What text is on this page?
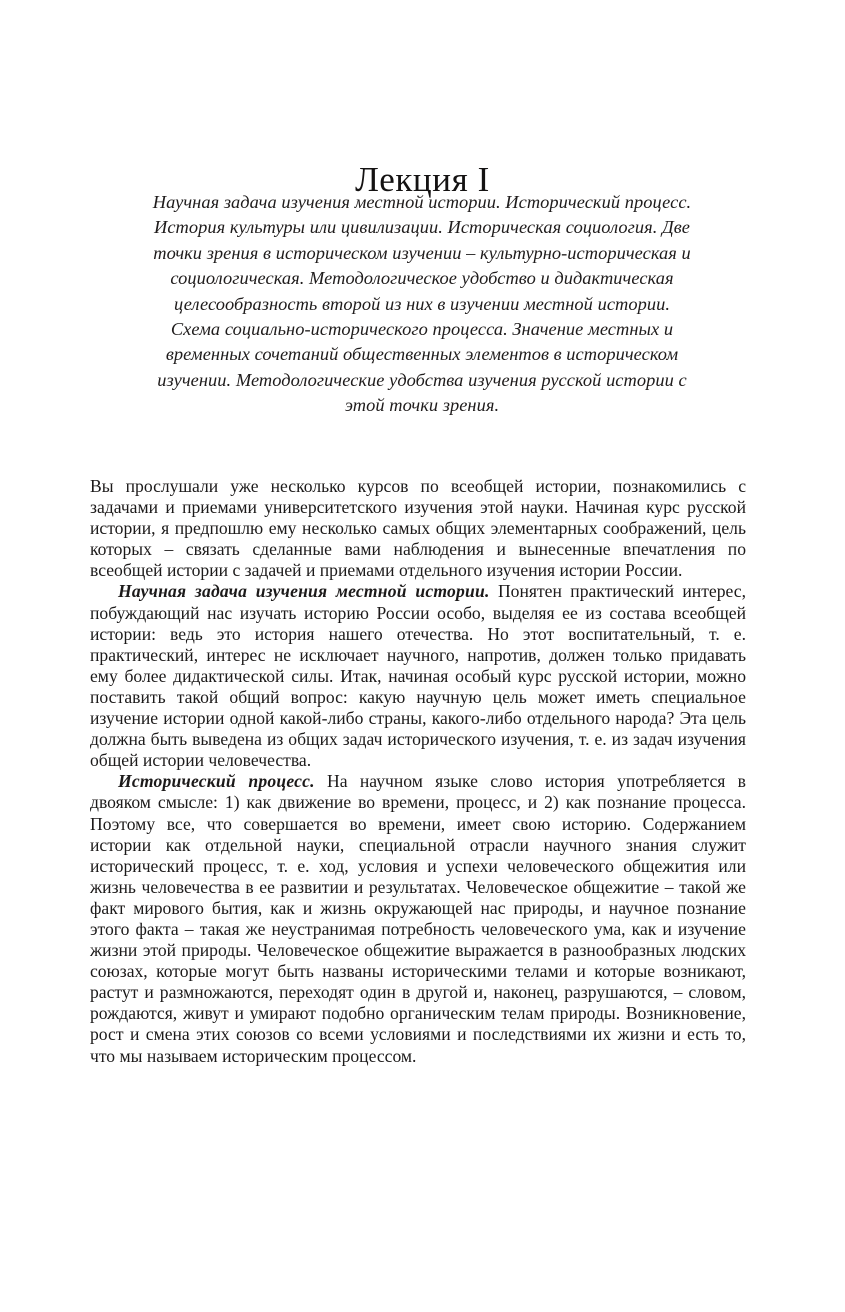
Лекция I
Научная задача изучения местной истории. Исторический процесс. История культуры или цивилизации. Историческая социология. Две точки зрения в историческом изучении – культурно-историческая и социологическая. Методологическое удобство и дидактическая целесообразность второй из них в изучении местной истории. Схема социально-исторического процесса. Значение местных и временных сочетаний общественных элементов в историческом изучении. Методологические удобства изучения русской истории с этой точки зрения.

Вы прослушали уже несколько курсов по всеобщей истории, познакомились с задачами и приемами университетского изучения этой науки. Начиная курс русской истории, я предпошлю ему несколько самых общих элементарных соображений, цель которых – связать сделанные вами наблюдения и вынесенные впечатления по всеобщей истории с задачей и приемами отдельного изучения истории России.

Научная задача изучения местной истории. Понятен практический интерес, побуждающий нас изучать историю России особо, выделяя ее из состава всеобщей истории: ведь это история нашего отечества. Но этот воспитательный, т. е. практический, интерес не исключает научного, напротив, должен только придавать ему более дидактической силы. Итак, начиная особый курс русской истории, можно поставить такой общий вопрос: какую научную цель может иметь специальное изучение истории одной какой-либо страны, какого-либо отдельного народа? Эта цель должна быть выведена из общих задач исторического изучения, т. е. из задач изучения общей истории человечества.

Исторический процесс. На научном языке слово история употребляется в двояком смысле: 1) как движение во времени, процесс, и 2) как познание процесса. Поэтому все, что совершается во времени, имеет свою историю. Содержанием истории как отдельной науки, специальной отрасли научного знания служит исторический процесс, т. е. ход, условия и успехи человеческого общежития или жизнь человечества в ее развитии и результатах. Человеческое общежитие – такой же факт мирового бытия, как и жизнь окружающей нас природы, и научное познание этого факта – такая же неустранимая потребность человеческого ума, как и изучение жизни этой природы. Человеческое общежитие выражается в разнообразных людских союзах, которые могут быть названы историческими телами и которые возникают, растут и размножаются, переходят один в другой и, наконец, разрушаются, – словом, рождаются, живут и умирают подобно органическим телам природы. Возникновение, рост и смена этих союзов со всеми условиями и последствиями их жизни и есть то, что мы называем историческим процессом.
